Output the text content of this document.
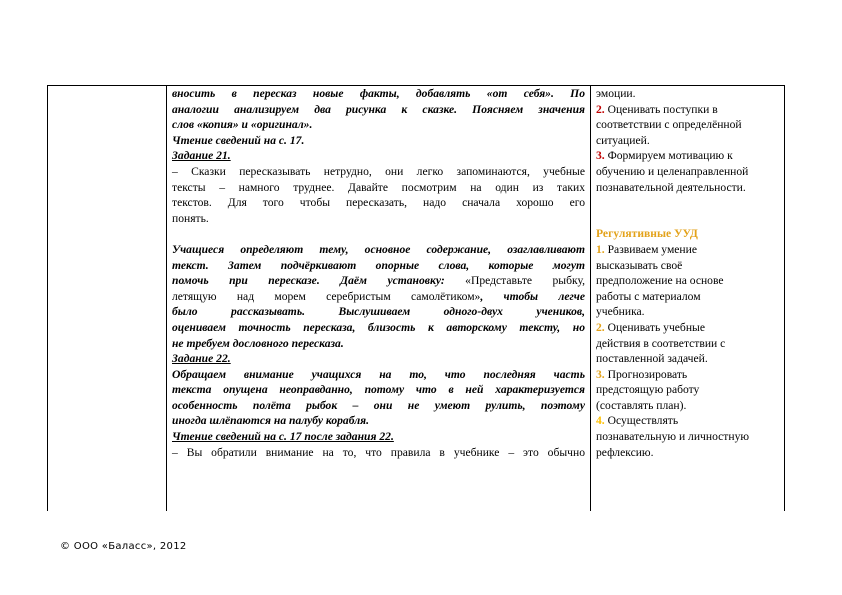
вносить в пересказ новые факты, добавлять «от себя». По
аналогии анализируем два рисунка к сказке. Поясняем значения
слов «копия» и «оригинал».
Чтение сведений на с. 17.
Задание 21.
– Сказки пересказывать нетрудно, они легко запоминаются, учебные
тексты – намного труднее. Давайте посмотрим на один из таких
текстов. Для того чтобы пересказать, надо сначала хорошо его
понять.
Учащиеся определяют тему, основное содержание, озаглавливают
текст. Затем подчёркивают опорные слова, которые могут
помочь при пересказе. Даём установку: «Представьте рыбку,
летящую над морем серебристым самолётиком», чтобы легче
было рассказывать. Выслушиваем одного-двух учеников,
оцениваем точность пересказа, близость к авторскому тексту, но
не требуем дословного пересказа.
Задание 22.
Обращаем внимание учащихся на то, что последняя часть
текста опущена неоправданно, потому что в ней характеризуется
особенность полёта рыбок – они не умеют рулить, поэтому
иногда шлёпаются на палубу корабля.
Чтение сведений на с. 17 после задания 22.
– Вы обратили внимание на то, что правила в учебнике – это обычно
эмоции.
2. Оценивать поступки в
соответствии с определённой
ситуацией.
3. Формируем мотивацию к
обучению и целенаправленной
познавательной деятельности.
Регулятивные УУД
1. Развиваем умение
высказывать своё
предположение на основе
работы с материалом
учебника.
2. Оценивать учебные
действия в соответствии с
поставленной задачей.
3. Прогнозировать
предстоящую работу
(составлять план).
4. Осуществлять
познавательную и личностную
рефлексию.
© ООО «Баласс», 2012
